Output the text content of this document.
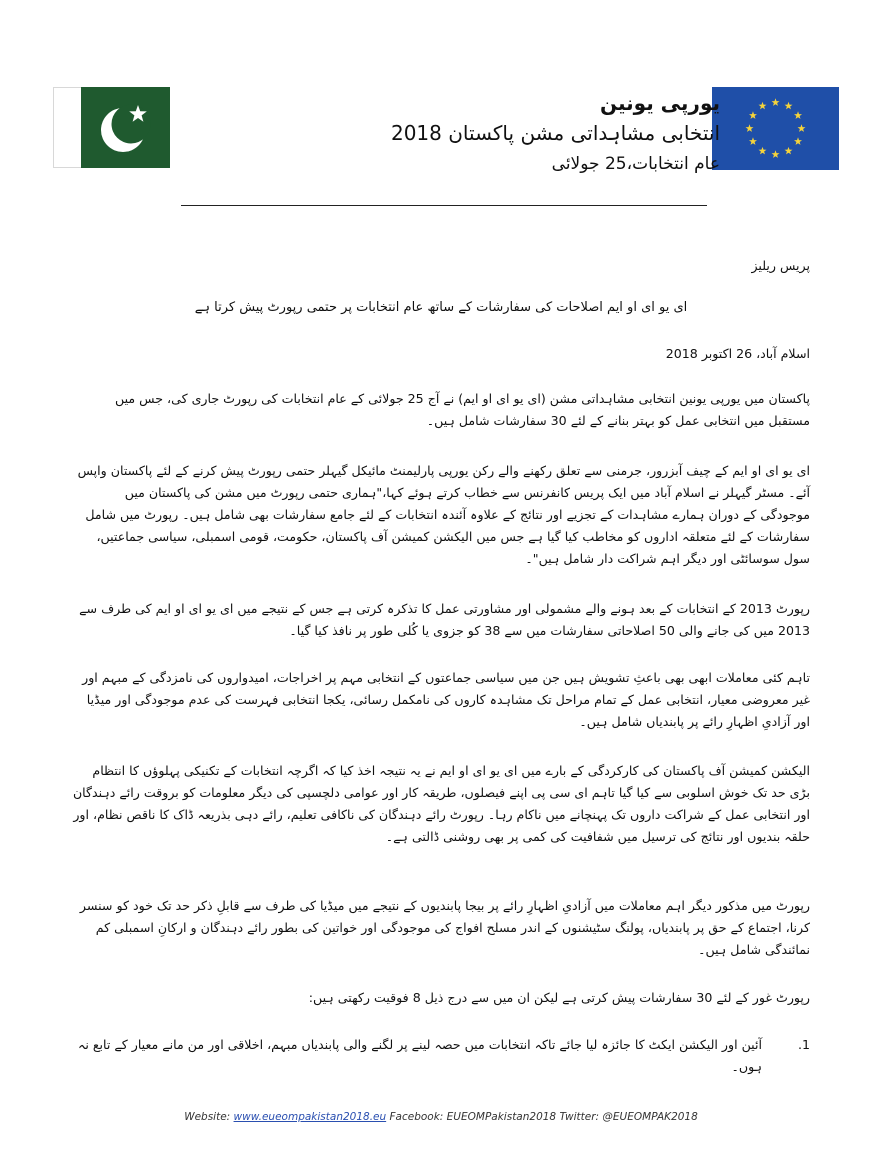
یورپی یونین
انتخابی مشاہداتی مشن پاکستان 2018
عام انتخابات،25 جولائی
پریس ریلیز
ای یو ای او ایم اصلاحات کی سفارشات کے ساتھ عام انتخابات پر حتمی رپورٹ پیش کرتا ہے
اسلام آباد، 26 اکتوبر 2018

پاکستان میں یورپی یونین انتخابی مشاہداتی مشن (ای یو ای او ایم) نے آج 25 جولائی کے عام انتخابات کی رپورٹ جاری کی، جس میں مستقبل میں انتخابی عمل کو بہتر بنانے کے لئے 30 سفارشات شامل ہیں۔

ای یو ای او ایم کے چیف آبزرور، جرمنی سے تعلق رکھنے والے رکن یورپی پارلیمنٹ مائیکل گیہلر حتمی رپورٹ پیش کرنے کے لئے پاکستان واپس آئے۔ مسٹر گیہلر نے اسلام آباد میں ایک پریس کانفرنس سے خطاب کرتے ہوئے کہا،"ہماری حتمی رپورٹ میں مشن کی پاکستان میں موجودگی کے دوران ہمارے مشاہدات کے تجزیے اور نتائج کے علاوہ آئندہ انتخابات کے لئے جامع سفارشات بھی شامل ہیں۔ رپورٹ میں شامل سفارشات کے لئے متعلقہ اداروں کو مخاطب کیا گیا ہے جس میں الیکشن کمیشن آف پاکستان، حکومت، قومی اسمبلی، سیاسی جماعتیں، سول سوسائٹی اور دیگر اہم شراکت دار شامل ہیں"۔

رپورٹ 2013 کے انتخابات کے بعد ہونے والے مشمولی اور مشاورتی عمل کا تذکرہ کرتی ہے جس کے نتیجے میں ای یو ای او ایم کی طرف سے 2013 میں کی جانے والی 50 اصلاحاتی سفارشات میں سے 38 کو جزوی یا کُلی طور پر نافذ کیا گیا۔

تاہم کئی معاملات ابھی بھی باعثِ تشویش ہیں جن میں سیاسی جماعتوں کے انتخابی مہم پر اخراجات، امیدواروں کی نامزدگی کے مبہم اور غیر معروضی معیار، انتخابی عمل کے تمام مراحل تک مشاہدہ کاروں کی نامکمل رسائی، یکجا انتخابی فہرست کی عدم موجودگی اور میڈیا اور آزادیِ اظہارِ رائے پر پابندیاں شامل ہیں۔

الیکشن کمیشن آف پاکستان کی کارکردگی کے بارے میں ای یو ای او ایم نے یہ نتیجہ اخذ کیا کہ اگرچہ انتخابات کے تکنیکی پہلوؤں کا انتظام بڑی حد تک خوش اسلوبی سے کیا گیا تاہم ای سی پی اپنے فیصلوں، طریقہ کار اور عوامی دلچسپی کی دیگر معلومات کو بروقت رائے دہندگان اور انتخابی عمل کے شراکت داروں تک پہنچانے میں ناکام رہا۔ رپورٹ رائے دہندگان کی ناکافی تعلیم، رائے دہی بذریعہ ڈاک کا ناقص نظام، اور حلقہ بندیوں اور نتائج کی ترسیل میں شفافیت کی کمی پر بھی روشنی ڈالتی ہے۔

رپورٹ میں مذکور دیگر اہم معاملات میں آزادیِ اظہارِ رائے پر بیجا پابندیوں کے نتیجے میں میڈیا کی طرف سے قابلِ ذکر حد تک خود کو سنسر کرنا، اجتماع کے حق پر پابندیاں، پولنگ سٹیشنوں کے اندر مسلح افواج کی موجودگی اور خواتین کی بطور رائے دہندگان و ارکانِ اسمبلی کم نمائندگی شامل ہیں۔

رپورٹ غور کے لئے 30 سفارشات پیش کرتی ہے لیکن ان میں سے درج ذیل 8 فوقیت رکھتی ہیں:

1.
آئین اور الیکشن ایکٹ کا جائزہ لیا جائے تاکہ انتخابات میں حصہ لینے پر لگنے والی پابندیاں مبہم، اخلاقی اور من مانے معیار کے تابع نہ ہوں۔
Website: www.eueompakistan2018.eu Facebook: EUEOMPakistan2018 Twitter: @EUEOMPAK2018
